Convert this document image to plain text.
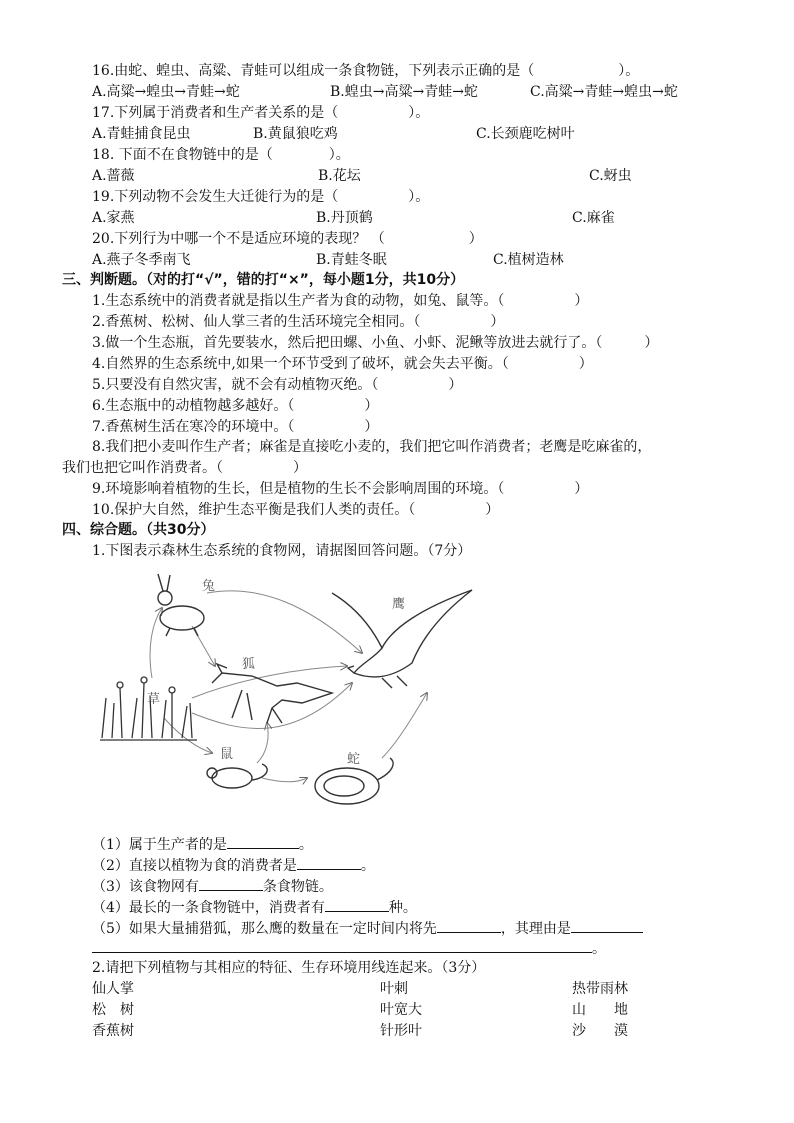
16.由蛇、蝗虫、高粱、青蛙可以组成一条食物链，下列表示正确的是（　　　　　　）。
A.高粱→蝗虫→青蛙→蛇	B.蝗虫→高粱→青蛙→蛇	C.高粱→青蛙→蝗虫→蛇
17.下列属于消费者和生产者关系的是（　　　　　）。
A.青蛙捕食昆虫	B.黄鼠狼吃鸡	C.长颈鹿吃树叶
18. 下面不在食物链中的是（　　　　）。
A.蔷薇	B.花坛	C.蚜虫
19.下列动物不会发生大迁徙行为的是（　　　　　）。
A.家燕	B.丹顶鹤	C.麻雀
20.下列行为中哪一个不是适应环境的表现？ （　　　　　　）
A.燕子冬季南飞	B.青蛙冬眠	C.植树造林
三、判断题。（对的打“√”，错的打“×”，每小题1分，共10分）
1.生态系统中的消费者就是指以生产者为食的动物，如兔、鼠等。（　　　　　）
2.香蕉树、松树、仙人掌三者的生活环境完全相同。（　　　　　）
3.做一个生态瓶，首先要装水，然后把田螺、小鱼、小虾、泥鳅等放进去就行了。（　　　）
4.自然界的生态系统中,如果一个环节受到了破坏，就会失去平衡。（　　　　　）
5.只要没有自然灾害，就不会有动植物灭绝。（　　　　　）
6.生态瓶中的动植物越多越好。（　　　　　）
7.香蕉树生活在寒冷的环境中。（　　　　　）
8.我们把小麦叫作生产者；麻雀是直接吃小麦的，我们把它叫作消费者；老鹰是吃麻雀的，
我们也把它叫作消费者。（　　　　　）
9.环境影响着植物的生长，但是植物的生长不会影响周围的环境。（　　　　　）
10.保护大自然，维护生态平衡是我们人类的责任。（　　　　　）
四、综合题。（共30分）
1.下图表示森林生态系统的食物网，请据图回答问题。（7分）
兔
鹰
狐
草
鼠	蛇
（1）属于生产者的是	。
（2）直接以植物为食的消费者是	。
（3）该食物网有	条食物链。
（4）最长的一条食物链中，消费者有	种。
（5）如果大量捕猎狐，那么鹰的数量在一定时间内将先	，其理由是
。
2.请把下列植物与其相应的特征、生存环境用线连起来。（3分）
仙人掌	叶刺	热带雨林
松　树	叶宽大	山　　地
香蕉树	针形叶	沙　　漠
